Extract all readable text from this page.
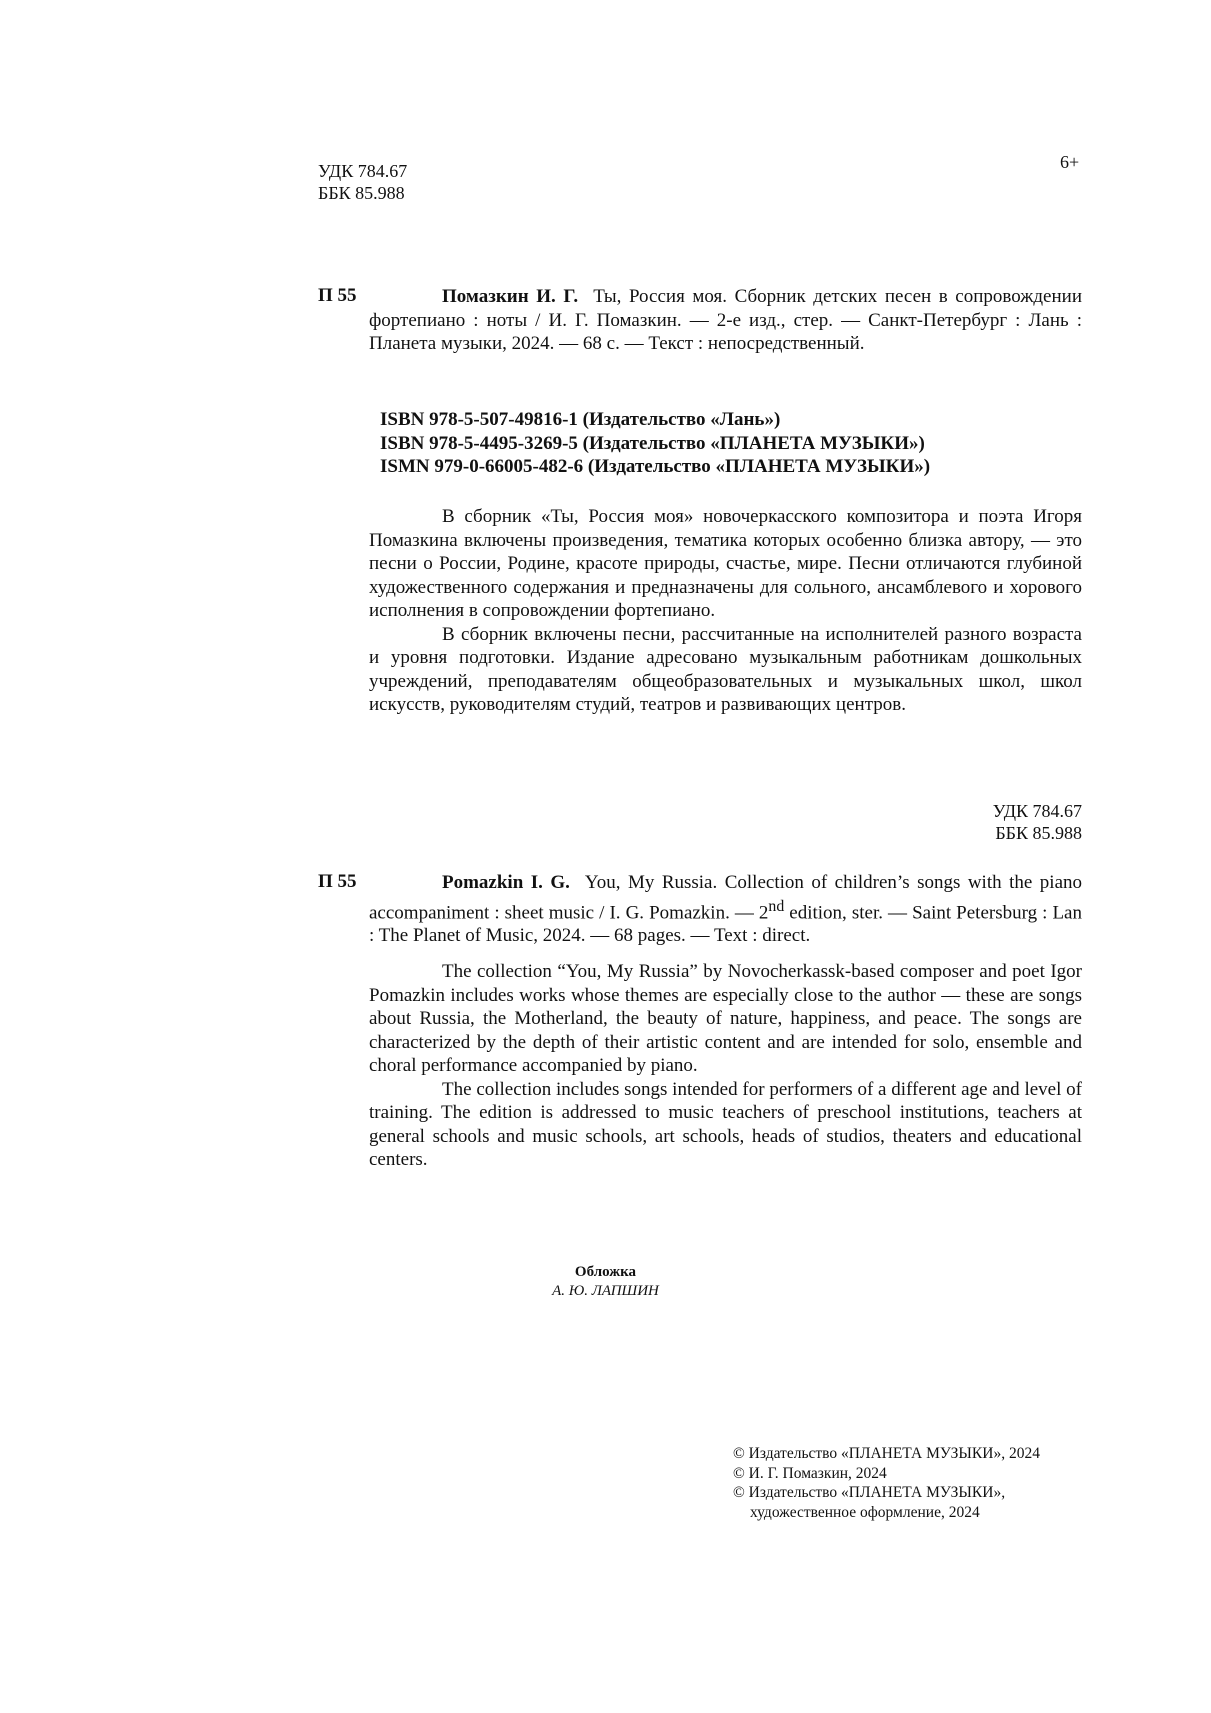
УДК 784.67
ББК 85.988
6+
П 55	Помазкин И. Г. Ты, Россия моя. Сборник детских песен в сопровождении фортепиано : ноты / И. Г. Помазкин. — 2-е изд., стер. — Санкт-Петербург : Лань : Планета музыки, 2024. — 68 с. — Текст : непосредственный.
ISBN 978-5-507-49816-1 (Издательство «Лань»)
ISBN 978-5-4495-3269-5 (Издательство «ПЛАНЕТА МУЗЫКИ»)
ISMN 979-0-66005-482-6 (Издательство «ПЛАНЕТА МУЗЫКИ»)

В сборник «Ты, Россия моя» новочеркасского композитора и поэта Игоря Помазкина включены произведения, тематика которых особенно близка автору, — это песни о России, Родине, красоте природы, счастье, мире. Песни отличаются глубиной художественного содержания и предназначены для сольного, ансамблевого и хорового исполнения в сопровождении фортепиано.

В сборник включены песни, рассчитанные на исполнителей разного возраста и уровня подготовки. Издание адресовано музыкальным работникам дошкольных учреждений, преподавателям общеобразовательных и музыкальных школ, школ искусств, руководителям студий, театров и развивающих центров.

УДК 784.67
ББК 85.988
П 55	Pomazkin I. G. You, My Russia. Collection of children’s songs with the piano accompaniment : sheet music / I. G. Pomazkin. — 2nd edition, ster. — Saint Petersburg : Lan : The Planet of Music, 2024. — 68 pages. — Text : direct.

The collection “You, My Russia” by Novocherkassk-based composer and poet Igor Pomazkin includes works whose themes are especially close to the author — these are songs about Russia, the Motherland, the beauty of nature, happiness, and peace. The songs are characterized by the depth of their artistic content and are intended for solo, ensemble and choral performance accompanied by piano.

The collection includes songs intended for performers of a different age and level of training. The edition is addressed to music teachers of preschool institutions, teachers at general schools and music schools, art schools, heads of studios, theaters and educational centers.

Обложка
А. Ю. ЛАПШИН
© Издательство «ПЛАНЕТА МУЗЫКИ», 2024
© И. Г. Помазкин, 2024
© Издательство «ПЛАНЕТА МУЗЫКИ»,
художественное оформление, 2024
